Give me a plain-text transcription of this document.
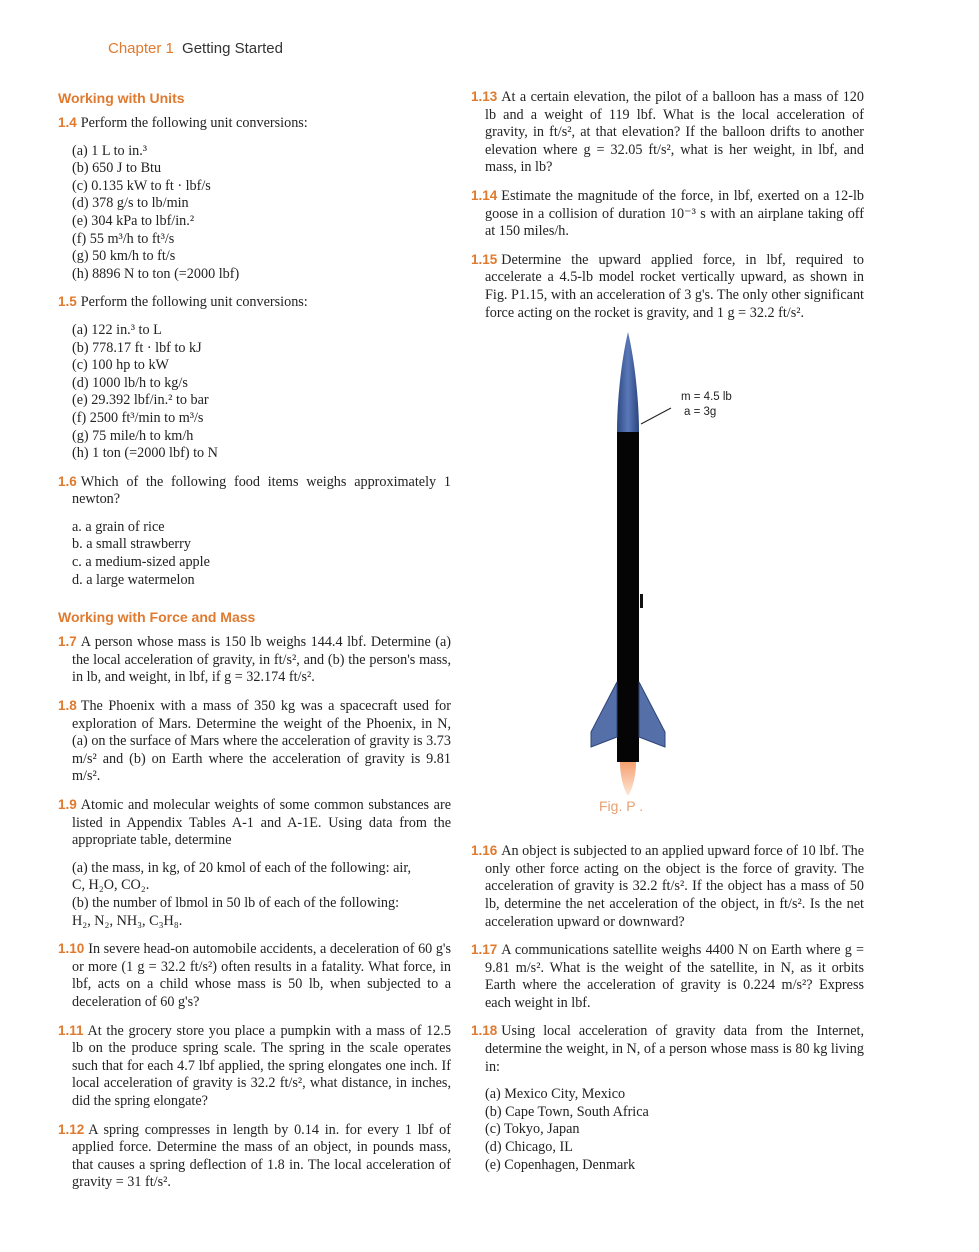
Chapter 1 Getting Started
Working with Units
1.4 Perform the following unit conversions:
(a) 1 L to in.³
(b) 650 J to Btu
(c) 0.135 kW to ft · lbf/s
(d) 378 g/s to lb/min
(e) 304 kPa to lbf/in.²
(f) 55 m³/h to ft³/s
(g) 50 km/h to ft/s
(h) 8896 N to ton (=2000 lbf)
1.5 Perform the following unit conversions:
(a) 122 in.³ to L
(b) 778.17 ft · lbf to kJ
(c) 100 hp to kW
(d) 1000 lb/h to kg/s
(e) 29.392 lbf/in.² to bar
(f) 2500 ft³/min to m³/s
(g) 75 mile/h to km/h
(h) 1 ton (=2000 lbf) to N
1.6 Which of the following food items weighs approximately 1 newton?
a. a grain of rice
b. a small strawberry
c. a medium-sized apple
d. a large watermelon
Working with Force and Mass
1.7 A person whose mass is 150 lb weighs 144.4 lbf. Determine (a) the local acceleration of gravity, in ft/s², and (b) the person's mass, in lb, and weight, in lbf, if g = 32.174 ft/s².
1.8 The Phoenix with a mass of 350 kg was a spacecraft used for exploration of Mars. Determine the weight of the Phoenix, in N, (a) on the surface of Mars where the acceleration of gravity is 3.73 m/s² and (b) on Earth where the acceleration of gravity is 9.81 m/s².
1.9 Atomic and molecular weights of some common substances are listed in Appendix Tables A-1 and A-1E. Using data from the appropriate table, determine
(a) the mass, in kg, of 20 kmol of each of the following: air,
C, H₂O, CO₂.
(b) the number of lbmol in 50 lb of each of the following:
H₂, N₂, NH₃, C₃H₈.
1.10 In severe head-on automobile accidents, a deceleration of 60 g's or more (1 g = 32.2 ft/s²) often results in a fatality. What force, in lbf, acts on a child whose mass is 50 lb, when subjected to a deceleration of 60 g's?
1.11 At the grocery store you place a pumpkin with a mass of 12.5 lb on the produce spring scale. The spring in the scale operates such that for each 4.7 lbf applied, the spring elongates one inch. If local acceleration of gravity is 32.2 ft/s², what distance, in inches, did the spring elongate?
1.12 A spring compresses in length by 0.14 in. for every 1 lbf of applied force. Determine the mass of an object, in pounds mass, that causes a spring deflection of 1.8 in. The local acceleration of gravity = 31 ft/s².
1.13 At a certain elevation, the pilot of a balloon has a mass of 120 lb and a weight of 119 lbf. What is the local acceleration of gravity, in ft/s², at that elevation? If the balloon drifts to another elevation where g = 32.05 ft/s², what is her weight, in lbf, and mass, in lb?
1.14 Estimate the magnitude of the force, in lbf, exerted on a 12-lb goose in a collision of duration 10⁻³ s with an airplane taking off at 150 miles/h.
1.15 Determine the upward applied force, in lbf, required to accelerate a 4.5-lb model rocket vertically upward, as shown in Fig. P1.15, with an acceleration of 3 g's. The only other significant force acting on the rocket is gravity, and 1 g = 32.2 ft/s².
m = 4.5 lb
a = 3g
Fig. P .
1.16 An object is subjected to an applied upward force of 10 lbf. The only other force acting on the object is the force of gravity. The acceleration of gravity is 32.2 ft/s². If the object has a mass of 50 lb, determine the net acceleration of the object, in ft/s². Is the net acceleration upward or downward?
1.17 A communications satellite weighs 4400 N on Earth where g = 9.81 m/s². What is the weight of the satellite, in N, as it orbits Earth where the acceleration of gravity is 0.224 m/s²? Express each weight in lbf.
1.18 Using local acceleration of gravity data from the Internet, determine the weight, in N, of a person whose mass is 80 kg living in:
(a) Mexico City, Mexico
(b) Cape Town, South Africa
(c) Tokyo, Japan
(d) Chicago, IL
(e) Copenhagen, Denmark
